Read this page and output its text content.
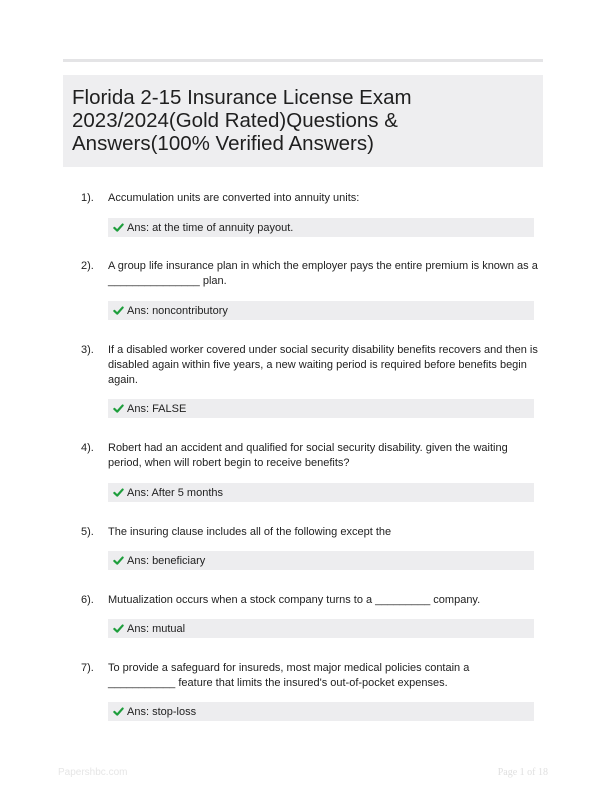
Florida 2-15 Insurance License Exam 2023/2024(Gold Rated)Questions & Answers(100% Verified Answers)
1).	Accumulation units are converted into annuity units:
Ans: at the time of annuity payout.
2).	A group life insurance plan in which the employer pays the entire premium is known as a _______________ plan.
Ans: noncontributory
3).	If a disabled worker covered under social security disability benefits recovers and then is disabled again within five years, a new waiting period is required before benefits begin again.
Ans: FALSE
4).	Robert had an accident and qualified for social security disability. given the waiting period, when will robert begin to receive benefits?
Ans: After 5 months
5).	The insuring clause includes all of the following except the
Ans: beneficiary
6).	Mutualization occurs when a stock company turns to a _________ company.
Ans: mutual
7).	To provide a safeguard for insureds, most major medical policies contain a ___________ feature that limits the insured's out-of-pocket expenses.
Ans: stop-loss
Papershbc.com	Page 1 of 18
